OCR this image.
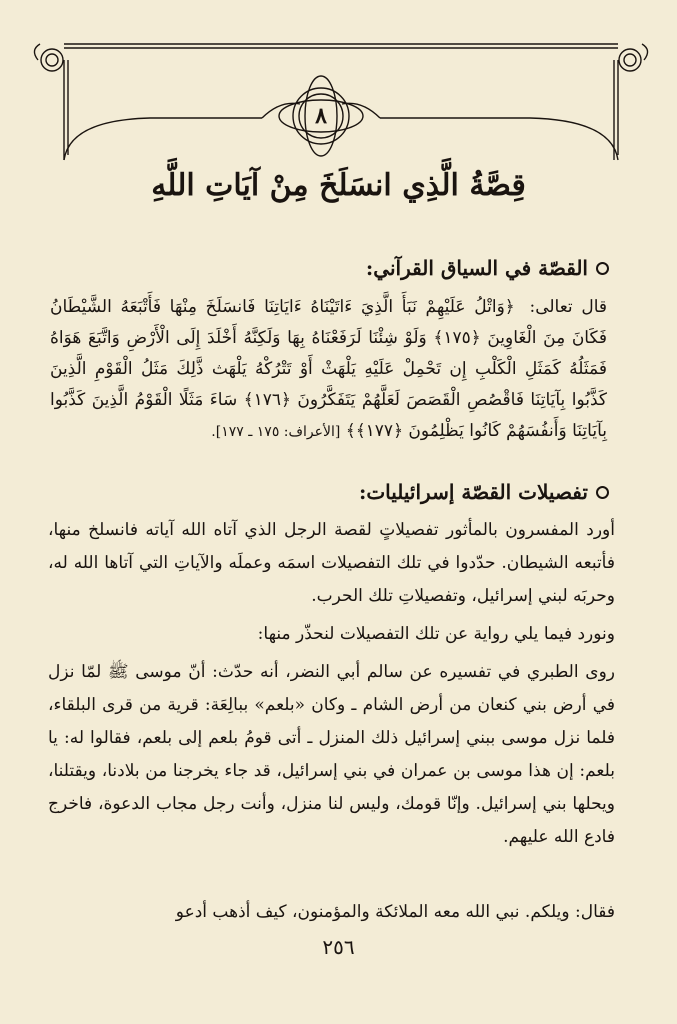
٨
قِصَّةُ الَّذِي انسَلَخَ مِنْ آيَاتِ اللَّهِ
القصّة في السياق القرآني:
قال تعالى: ﴿وَاتْلُ عَلَيْهِمْ نَبَأَ الَّذِيَ ءَاتَيْنَاهُ ءَايَاتِنَا فَانسَلَخَ مِنْهَا فَأَتْبَعَهُ الشَّيْطَانُ فَكَانَ مِنَ الْغَاوِينَ ﴿١٧٥﴾ وَلَوْ شِئْنَا لَرَفَعْنَاهُ بِهَا وَلَكِنَّهُ أَخْلَدَ إِلَى الْأَرْضِ وَاتَّبَعَ هَوَاهُ فَمَثَلُهُ كَمَثَلِ الْكَلْبِ إِن تَحْمِلْ عَلَيْهِ يَلْهَثْ أَوْ تَتْرُكْهُ يَلْهَث ذَّلِكَ مَثَلُ الْقَوْمِ الَّذِينَ كَذَّبُوا بِآيَاتِنَا فَاقْصُصِ الْقَصَصَ لَعَلَّهُمْ يَتَفَكَّرُونَ ﴿١٧٦﴾ سَاءَ مَثَلًا الْقَوْمُ الَّذِينَ كَذَّبُوا بِآيَاتِنَا وَأَنفُسَهُمْ كَانُوا يَظْلِمُونَ ﴿١٧٧﴾﴾ [الأعراف: ١٧٥ ـ ١٧٧].
تفصيلات القصّة إسرائيليات:
أورد المفسرون بالمأثور تفصيلاتٍ لقصة الرجل الذي آتاه الله آياته فانسلخ منها، فأتبعه الشيطان. حدّدوا في تلك التفصيلات اسمَه وعملَه والآياتِ التي آتاها الله له، وحربَه لبني إسرائيل، وتفصيلاتِ تلك الحرب.
ونورد فيما يلي رواية عن تلك التفصيلات لنحذّر منها:
روى الطبري في تفسيره عن سالم أبي النضر، أنه حدّث: أنّ موسى ﷺ لمّا نزل في أرض بني كنعان من أرض الشام ـ وكان «بلعم» ببالِعَة: قرية من قرى البلقاء، فلما نزل موسى ببني إسرائيل ذلك المنزل ـ أتى قومُ بلعم إلى بلعم، فقالوا له: يا بلعم: إن هذا موسى بن عمران في بني إسرائيل، قد جاء يخرجنا من بلادنا، ويقتلنا، ويحلها بني إسرائيل. وإنّا قومك، وليس لنا منزل، وأنت رجل مجاب الدعوة، فاخرج فادع الله عليهم.
فقال: ويلكم. نبي الله معه الملائكة والمؤمنون، كيف أذهب أدعو
٢٥٦
